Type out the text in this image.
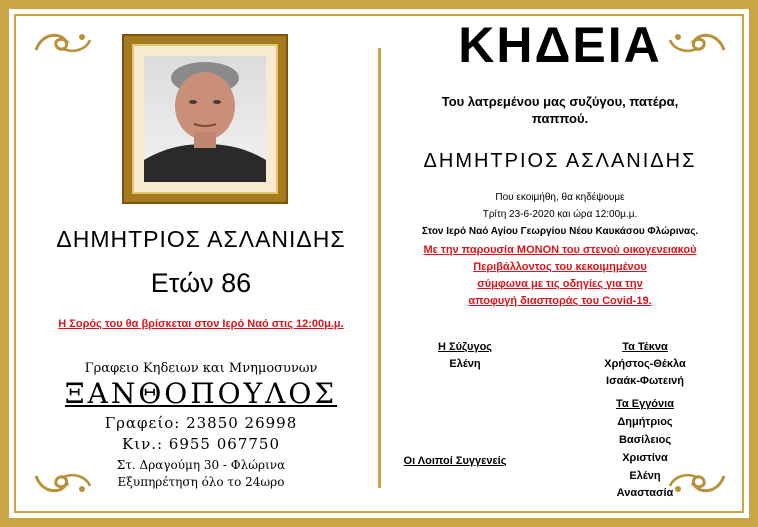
ΔΗΜΗΤΡΙΟΣ ΑΣΛΑΝΙΔΗΣ
Ετών 86
Η Σορός του θα βρίσκεται στον Ιερό Ναό στις 12:00μ.μ.
Γραφειο Κηδειων και Μνημοσυνων
ΞΑΝΘΟΠΟΥΛΟΣ
Γραφείο: 23850 26998
Κιν.: 6955 067750
Στ. Δραγούμη 30 - Φλώρινα
Εξυπηρέτηση όλο το 24ωρο
ΚΗΔΕΙΑ
Του λατρεμένου μας συζύγου, πατέρα,
παππού.
ΔΗΜΗΤΡΙΟΣ ΑΣΛΑΝΙΔΗΣ
Που εκοιμήθη, θα κηδέψουμε
Τρίτη 23-6-2020 και ώρα 12:00μ.μ.
Στον Ιερό Ναό Αγίου Γεωργίου Νέου Καυκάσου Φλώρινας.
Με την παρουσία ΜΟΝΟΝ του στενού οικογενειακού
Περιβάλλοντος του κεκοιμημένου
σύμφωνα με τις οδηγίες για την
αποφυγή διασποράς του Covid-19.
Η Σύζυγος
Ελένη
Τα Τέκνα
Χρήστος-Θέκλα
Ισαάκ-Φωτεινή
Τα Εγγόνια
Δημήτριος
Βασίλειος
Χριστίνα
Ελένη
Αναστασία
Οι Λοιποί Συγγενείς
